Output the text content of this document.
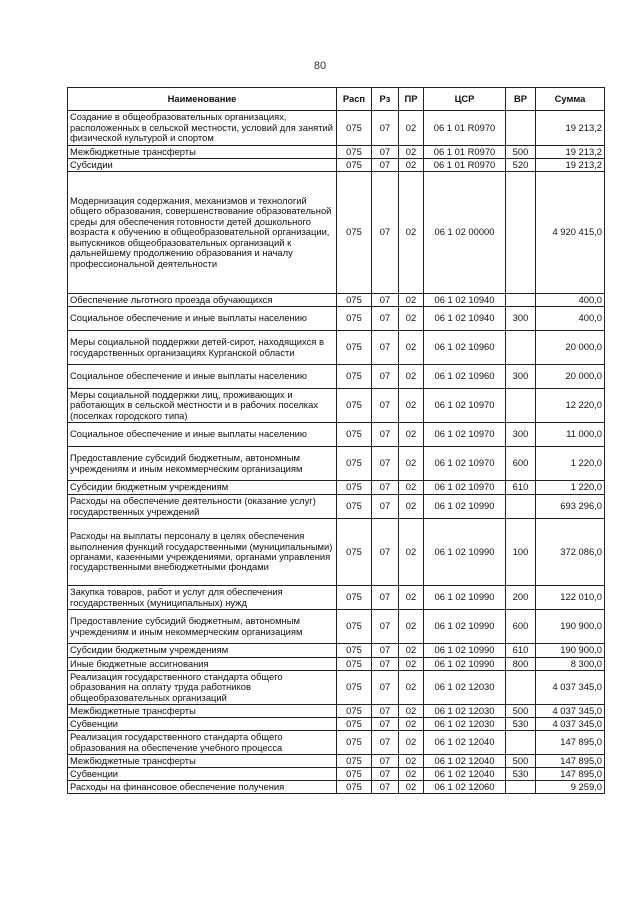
80
Наименование	Расп	Рз	ПР	ЦСР	ВР	Сумма
Создание в общеобразовательных организациях, расположенных в сельской местности, условий для занятий физической культурой и спортом	075	07	02	06 1 01 R0970		19 213,2
Межбюджетные трансферты	075	07	02	06 1 01 R0970	500	19 213,2
Субсидии	075	07	02	06 1 01 R0970	520	19 213,2
Модернизация содержания, механизмов и технологий общего образования, совершенствование образовательной среды для обеспечения готовности детей дошкольного возраста к обучению в общеобразовательной организации, выпускников общеобразовательных организаций к дальнейшему продолжению образования и началу профессиональной деятельности	075	07	02	06 1 02 00000		4 920 415,0
Обеспечение льготного проезда обучающихся	075	07	02	06 1 02 10940		400,0
Социальное обеспечение и иные выплаты населению	075	07	02	06 1 02 10940	300	400,0
Меры социальной поддержки детей-сирот, находящихся в государственных организациях Курганской области	075	07	02	06 1 02 10960		20 000,0
Социальное обеспечение и иные выплаты населению	075	07	02	06 1 02 10960	300	20 000,0
Меры социальной поддержки лиц, проживающих и работающих в сельской местности и в рабочих поселках (поселках городского типа)	075	07	02	06 1 02 10970		12 220,0
Социальное обеспечение и иные выплаты населению	075	07	02	06 1 02 10970	300	11 000,0
Предоставление субсидий бюджетным, автономным учреждениям и иным некоммерческим организациям	075	07	02	06 1 02 10970	600	1 220,0
Субсидии бюджетным учреждениям	075	07	02	06 1 02 10970	610	1 220,0
Расходы на обеспечение деятельности (оказание услуг) государственных учреждений	075	07	02	06 1 02 10990		693 296,0
Расходы на выплаты персоналу в целях обеспечения выполнения функций государственными (муниципальными) органами, казенными учреждениями, органами управления государственными внебюджетными фондами	075	07	02	06 1 02 10990	100	372 086,0
Закупка товаров, работ и услуг для обеспечения государственных (муниципальных) нужд	075	07	02	06 1 02 10990	200	122 010,0
Предоставление субсидий бюджетным, автономным учреждениям и иным некоммерческим организациям	075	07	02	06 1 02 10990	600	190 900,0
Субсидии бюджетным учреждениям	075	07	02	06 1 02 10990	610	190 900,0
Иные бюджетные ассигнования	075	07	02	06 1 02 10990	800	8 300,0
Реализация государственного стандарта общего образования на оплату труда работников общеобразовательных организаций	075	07	02	06 1 02 12030		4 037 345,0
Межбюджетные трансферты	075	07	02	06 1 02 12030	500	4 037 345,0
Субвенции	075	07	02	06 1 02 12030	530	4 037 345,0
Реализация государственного стандарта общего образования на обеспечение учебного процесса	075	07	02	06 1 02 12040		147 895,0
Межбюджетные трансферты	075	07	02	06 1 02 12040	500	147 895,0
Субвенции	075	07	02	06 1 02 12040	530	147 895,0
Расходы на финансовое обеспечение получения	075	07	02	06 1 02 12060		9 259,0
